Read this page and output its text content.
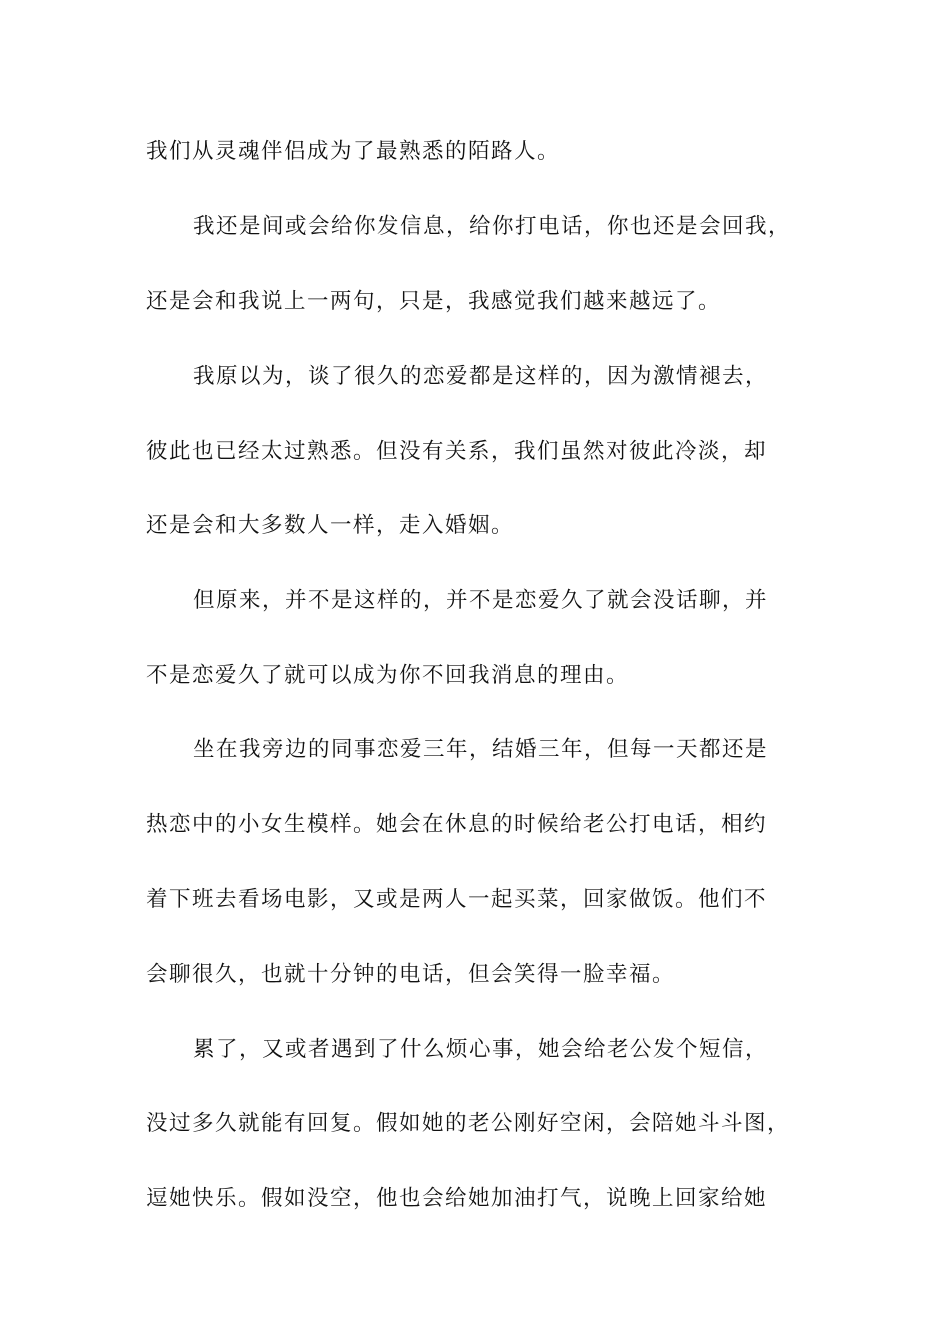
我们从灵魂伴侣成为了最熟悉的陌路人。
我还是间或会给你发信息，给你打电话，你也还是会回我，
还是会和我说上一两句，只是，我感觉我们越来越远了。
我原以为，谈了很久的恋爱都是这样的，因为激情褪去，
彼此也已经太过熟悉。但没有关系，我们虽然对彼此冷淡，却
还是会和大多数人一样，走入婚姻。
但原来，并不是这样的，并不是恋爱久了就会没话聊，并
不是恋爱久了就可以成为你不回我消息的理由。
坐在我旁边的同事恋爱三年，结婚三年，但每一天都还是
热恋中的小女生模样。她会在休息的时候给老公打电话，相约
着下班去看场电影，又或是两人一起买菜，回家做饭。他们不
会聊很久，也就十分钟的电话，但会笑得一脸幸福。
累了，又或者遇到了什么烦心事，她会给老公发个短信，
没过多久就能有回复。假如她的老公刚好空闲，会陪她斗斗图，
逗她快乐。假如没空，他也会给她加油打气，说晚上回家给她
